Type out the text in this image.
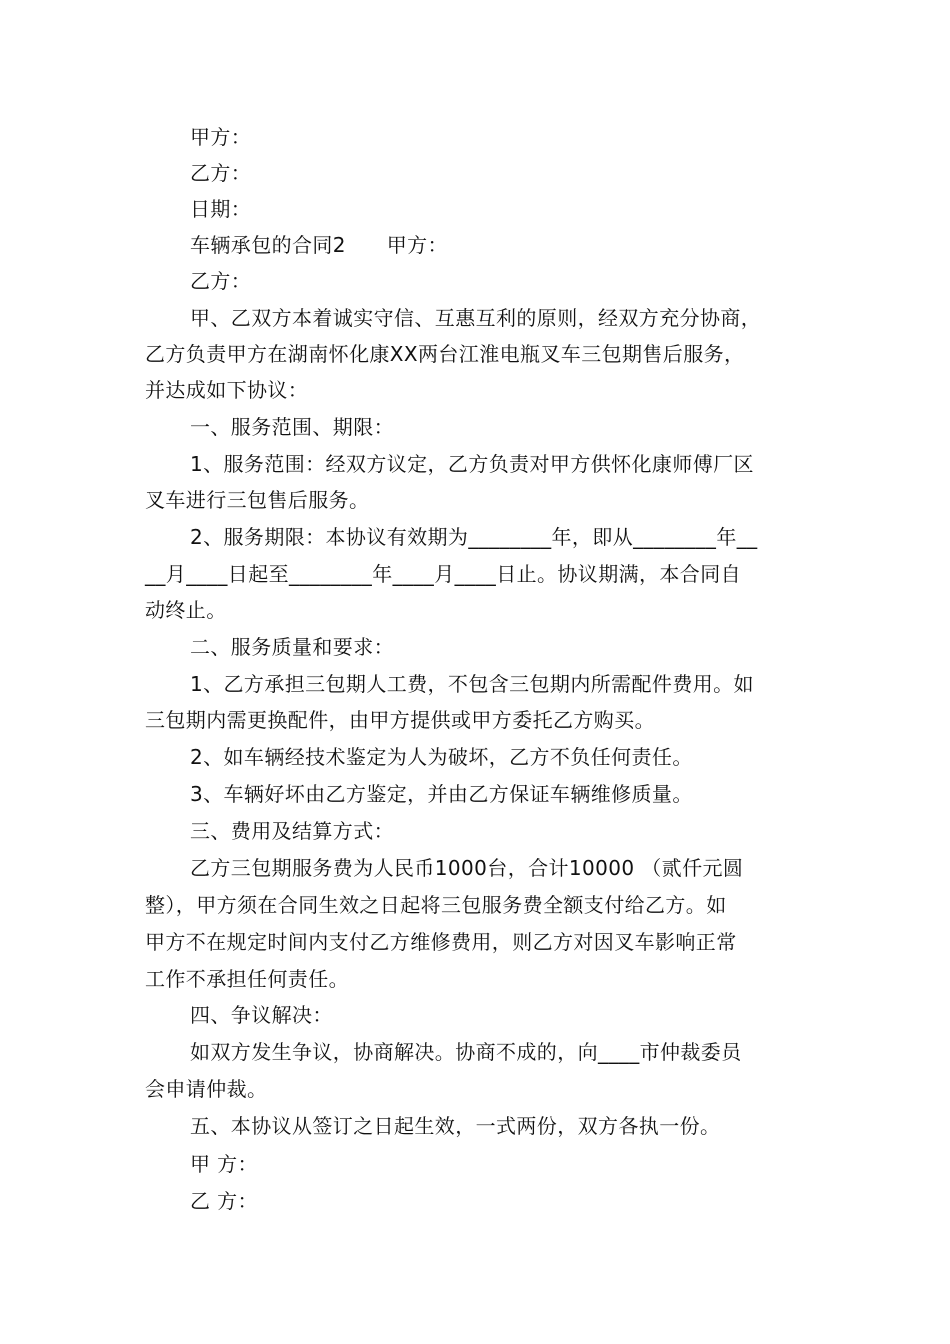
甲方：
乙方：
日期：
车辆承包的合同2　　甲方：
乙方：
甲、乙双方本着诚实守信、互惠互利的原则，经双方充分协商，
乙方负责甲方在湖南怀化康XX两台江淮电瓶叉车三包期售后服务，
并达成如下协议：
一、服务范围、期限：
1、服务范围：经双方议定，乙方负责对甲方供怀化康师傅厂区
叉车进行三包售后服务。
2、服务期限：本协议有效期为________年，即从________年__
__月____日起至________年____月____日止。协议期满，本合同自
动终止。
二、服务质量和要求：
1、乙方承担三包期人工费，不包含三包期内所需配件费用。如
三包期内需更换配件，由甲方提供或甲方委托乙方购买。
2、如车辆经技术鉴定为人为破坏，乙方不负任何责任。
3、车辆好坏由乙方鉴定，并由乙方保证车辆维修质量。
三、费用及结算方式：
乙方三包期服务费为人民币1000台，合计10000 （贰仟元圆
整），甲方须在合同生效之日起将三包服务费全额支付给乙方。如
甲方不在规定时间内支付乙方维修费用，则乙方对因叉车影响正常
工作不承担任何责任。
四、争议解决：
如双方发生争议，协商解决。协商不成的，向____市仲裁委员
会申请仲裁。
五、本协议从签订之日起生效，一式两份，双方各执一份。
甲 方：
乙 方：
